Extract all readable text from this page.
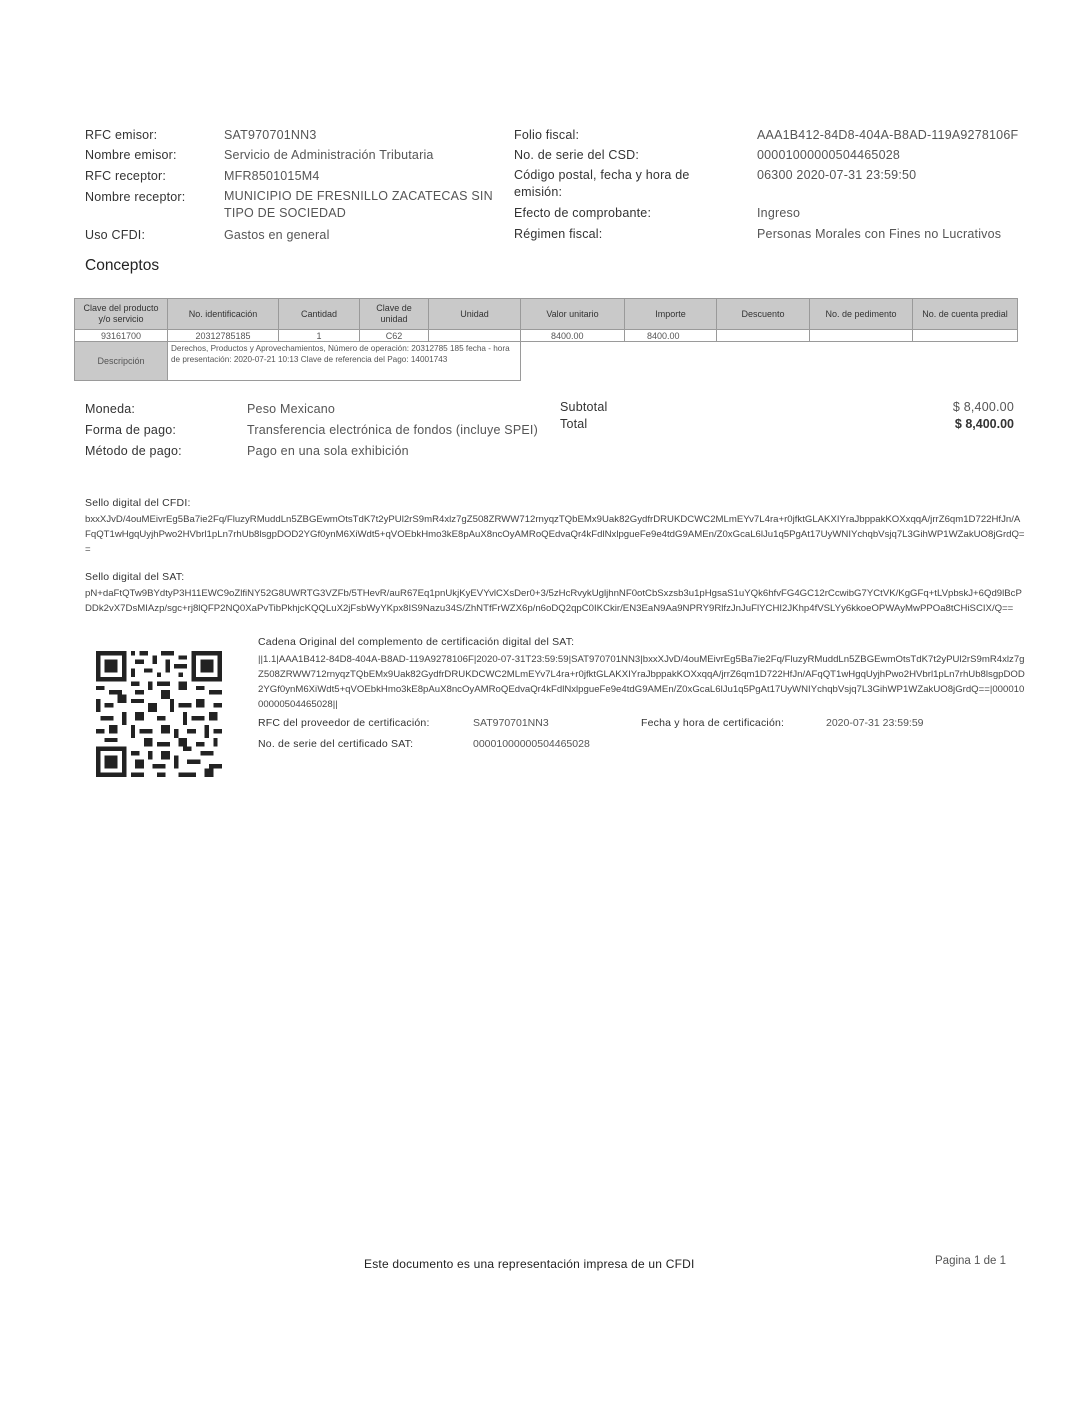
RFC emisor:	SAT970701NN3
Nombre emisor:	Servicio de Administración Tributaria
RFC receptor:	MFR8501015M4
Nombre receptor:	MUNICIPIO DE FRESNILLO ZACATECAS SIN
TIPO DE SOCIEDAD
Uso CFDI:	Gastos en general
Folio fiscal:	AAA1B412-84D8-404A-B8AD-119A9278106F
No. de serie del CSD:	00001000000504465028
Código postal, fecha y hora de
emisión:
06300 2020-07-31 23:59:50
Efecto de comprobante:	Ingreso
Régimen fiscal:	Personas Morales con Fines no Lucrativos
Conceptos
Clave del producto y/o servicio	No. identificación	Cantidad	Clave de unidad	Unidad	Valor unitario	Importe	Descuento	No. de pedimento	No. de cuenta predial
93161700	20312785185	1	C62		8400.00	8400.00			
Descripción	Derechos, Productos y Aprovechamientos, Número de operación: 20312785 185 fecha - hora de presentación: 2020-07-21 10:13 Clave de referencia del Pago: 14001743								
Moneda:	Peso Mexicano
Forma de pago:	Transferencia electrónica de fondos (incluye SPEI)
Método de pago:	Pago en una sola exhibición
Subtotal	$ 8,400.00
Total	$ 8,400.00
Sello digital del CFDI:
bxxXJvD/4ouMEivrEg5Ba7ie2Fq/FluzyRMuddLn5ZBGEwmOtsTdK7t2yPUl2rS9mR4xlz7gZ508ZRWW712rnyqzTQbEMx9Uak82GydfrDRUKDCWC2MLmEYv7L4ra+r0jfktGLAKXIYraJbppakKOXxqqA/jrrZ6qm1D722HfJn/AFqQT1wHgqUyjhPwo2HVbrl1pLn7rhUb8lsgpDOD2YGf0ynM6XiWdt5+qVOEbkHmo3kE8pAuX8ncOyAMRoQEdvaQr4kFdlNxlpgueFe9e4tdG9AMEn/Z0xGcaL6lJu1q5PgAt17UyWNIYchqbVsjq7L3GihWP1WZakUO8jGrdQ==
Sello digital del SAT:
pN+daFtQTw9BYdtyP3H11EWC9oZlfiNY52G8UWRTG3VZFb/5THevR/auR67Eq1pnUkjKyEVYvlCXsDer0+3/5zHcRvykUgljhnNF0otCbSxzsb3u1pHgsaS1uYQk6hfvFG4GC12rCcwibG7YCtVK/KgGFq+tLVpbskJ+6Qd9lBcPDDk2vX7DsMIAzp/sgc+rj8lQFP2NQ0XaPvTibPkhjcKQQLuX2jFsbWyYKpx8IS9Nazu34S/ZhNTfFrWZX6p/n6oDQ2qpC0IKCkir/EN3EaN9Aa9NPRY9RlfzJnJuFlYCHI2JKhp4fVSLYy6kkoeOPWAyMwPPOa8tCHiSCIX/Q==
Cadena Original del complemento de certificación digital del SAT:
||1.1|AAA1B412-84D8-404A-B8AD-119A9278106F|2020-07-31T23:59:59|SAT970701NN3|bxxXJvD/4ouMEivrEg5Ba7ie2Fq/FluzyRMuddLn5ZBGEwmOtsTdK7t2yPUl2rS9mR4xlz7gZ508ZRWW712rnyqzTQbEMx9Uak82GydfrDRUKDCWC2MLmEYv7L4ra+r0jfktGLAKXIYraJbppakKOXxqqA/jrrZ6qm1D722HfJn/AFqQT1wHgqUyjhPwo2HVbrl1pLn7rhUb8lsgpDOD2YGf0ynM6XiWdt5+qVOEbkHmo3kE8pAuX8ncOyAMRoQEdvaQr4kFdlNxlpgueFe9e4tdG9AMEn/Z0xGcaL6lJu1q5PgAt17UyWNIYchqbVsjq7L3GihWP1WZakUO8jGrdQ==|00001000000504465028||
RFC del proveedor de certificación:	SAT970701NN3	Fecha y hora de certificación:	2020-07-31 23:59:59
No. de serie del certificado SAT:	00001000000504465028
Este documento es una representación impresa de un CFDI	Pagina 1 de 1
